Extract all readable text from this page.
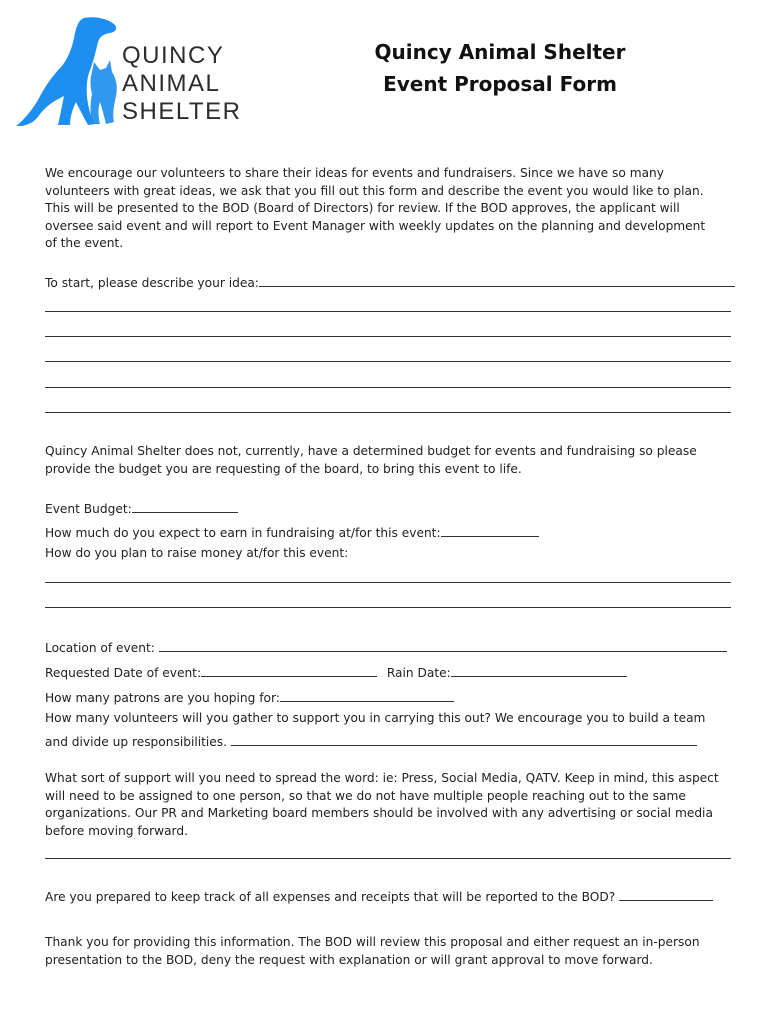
QUINCY
ANIMAL
SHELTER
Quincy Animal Shelter
Event Proposal Form
We encourage our volunteers to share their ideas for events and fundraisers. Since we have so many
volunteers with great ideas, we ask that you fill out this form and describe the event you would like to plan.
This will be presented to the BOD (Board of Directors) for review. If the BOD approves, the applicant will
oversee said event and will report to Event Manager with weekly updates on the planning and development
of the event.
To start, please describe your idea:
Quincy Animal Shelter does not, currently, have a determined budget for events and fundraising so please
provide the budget you are requesting of the board, to bring this event to life.
Event Budget:
How much do you expect to earn in fundraising at/for this event:
How do you plan to raise money at/for this event:
Location of event:
Requested Date of event:	Rain Date:
How many patrons are you hoping for:
How many volunteers will you gather to support you in carrying this out? We encourage you to build a team
and divide up responsibilities.
What sort of support will you need to spread the word: ie: Press, Social Media, QATV. Keep in mind, this aspect
will need to be assigned to one person, so that we do not have multiple people reaching out to the same
organizations. Our PR and Marketing board members should be involved with any advertising or social media
before moving forward.
Are you prepared to keep track of all expenses and receipts that will be reported to the BOD?
Thank you for providing this information. The BOD will review this proposal and either request an in-person
presentation to the BOD, deny the request with explanation or will grant approval to move forward.
